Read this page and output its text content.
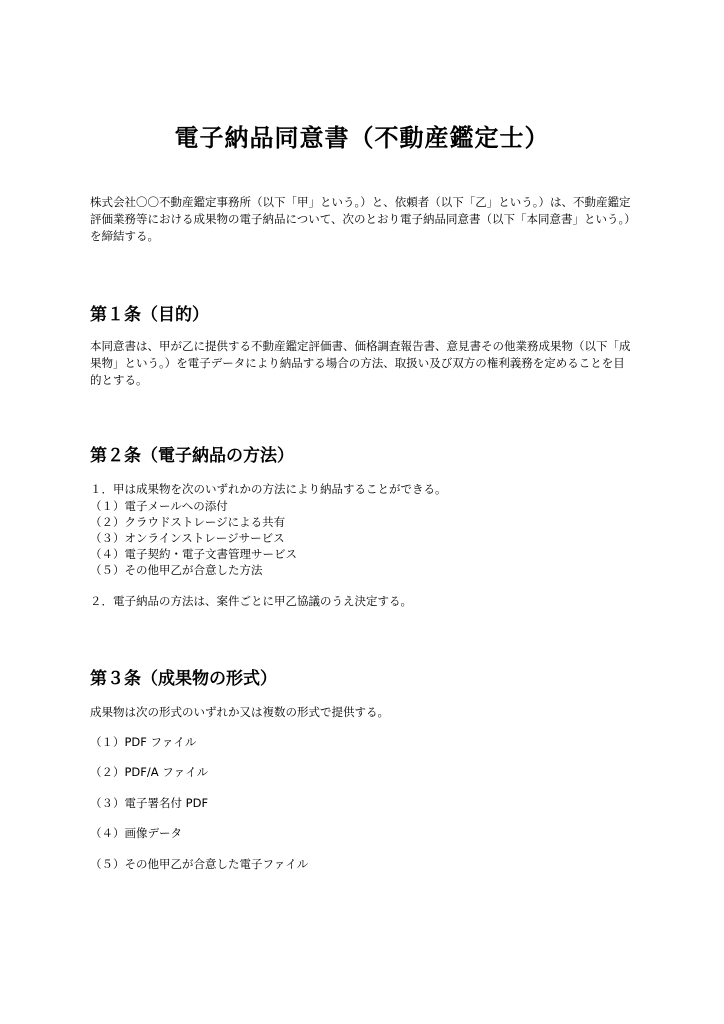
電子納品同意書（不動産鑑定士）

株式会社〇〇不動産鑑定事務所（以下「甲」という。）と、依頼者（以下「乙」という。）は、不動産鑑定評価業務等における成果物の電子納品について、次のとおり電子納品同意書（以下「本同意書」という。）を締結する。

第１条（目的）

本同意書は、甲が乙に提供する不動産鑑定評価書、価格調査報告書、意見書その他業務成果物（以下「成果物」という。）を電子データにより納品する場合の方法、取扱い及び双方の権利義務を定めることを目的とする。

第２条（電子納品の方法）

１．甲は成果物を次のいずれかの方法により納品することができる。

（１）電子メールへの添付

（２）クラウドストレージによる共有

（３）オンラインストレージサービス

（４）電子契約・電子文書管理サービス

（５）その他甲乙が合意した方法

２．電子納品の方法は、案件ごとに甲乙協議のうえ決定する。

第３条（成果物の形式）

成果物は次の形式のいずれか又は複数の形式で提供する。

（１）PDF ファイル

（２）PDF/A ファイル

（３）電子署名付 PDF

（４）画像データ

（５）その他甲乙が合意した電子ファイル
